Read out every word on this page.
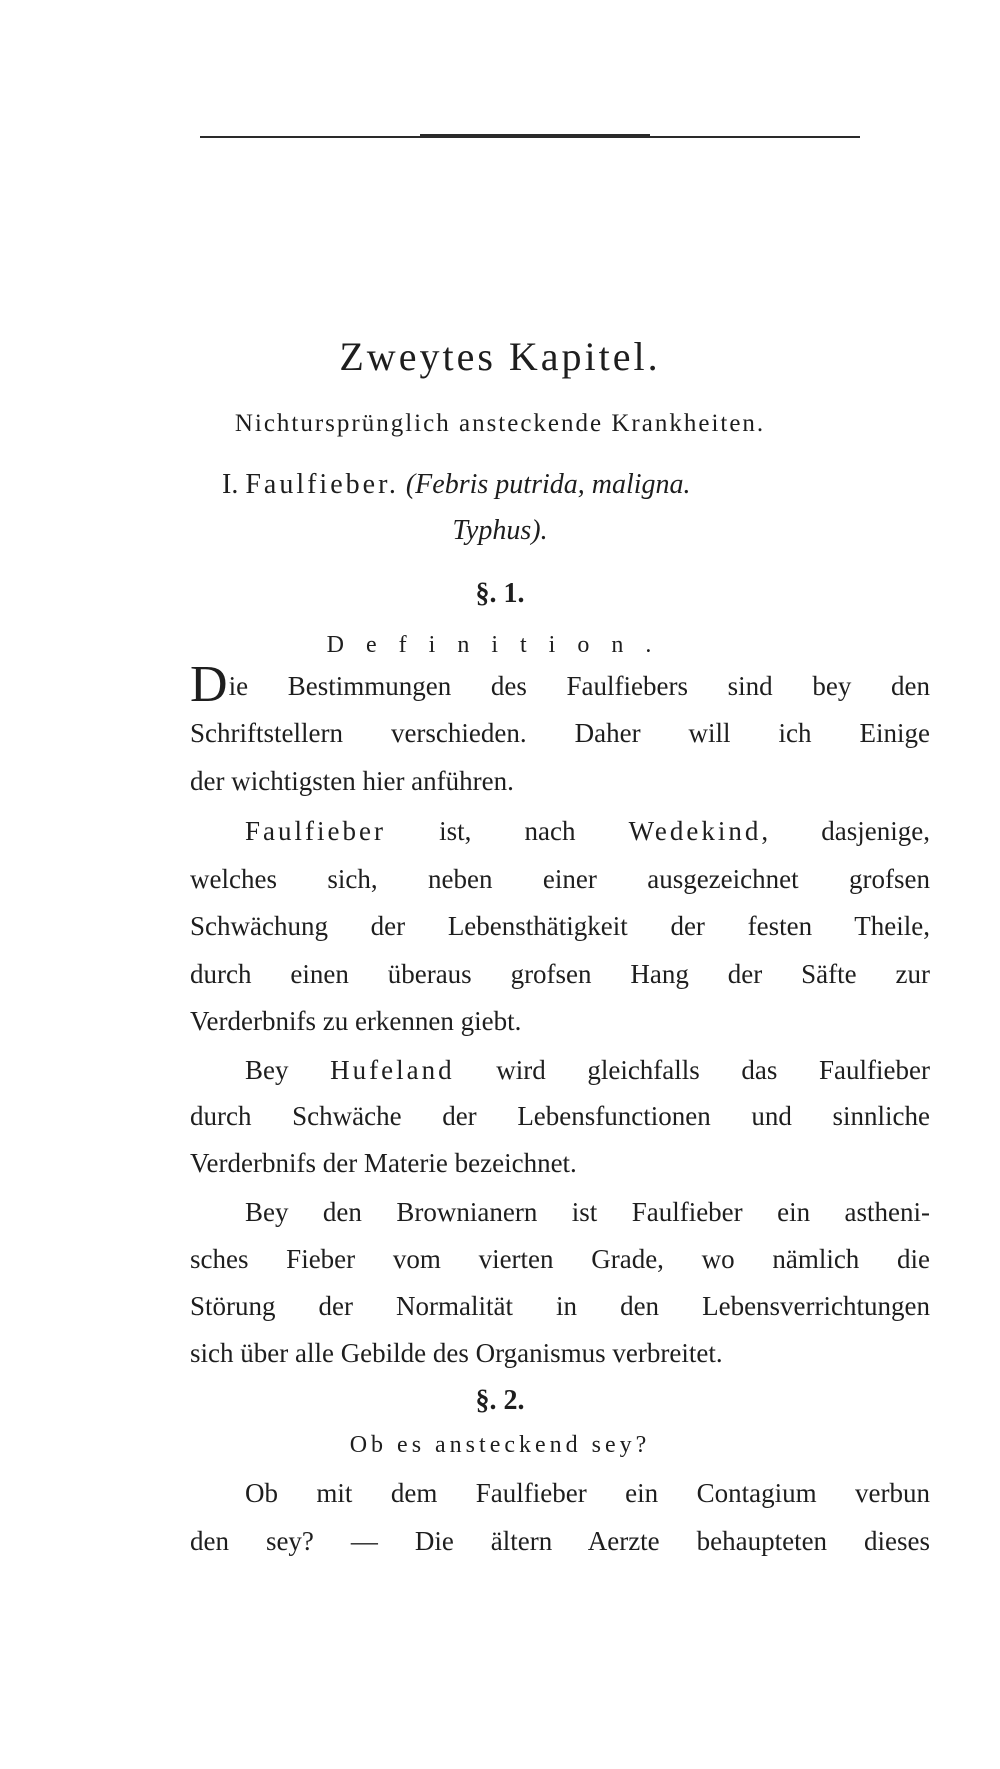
Zweytes Kapitel.
Nichtursprünglich ansteckende Krankheiten.
I. Faulfieber. (Febris putrida, maligna.
Typhus).
§. 1.
Definition.
Die Bestimmungen des Faulfiebers sind bey den
Schriftstellern verschieden. Daher will ich Einige
der wichtigsten hier anführen.
Faulfieber ist, nach Wedekind, dasjenige,
welches sich, neben einer ausgezeichnet grofsen
Schwächung der Lebensthätigkeit der festen Theile,
durch einen überaus grofsen Hang der Säfte zur
Verderbnifs zu erkennen giebt.
Bey Hufeland wird gleichfalls das Faulfieber
durch Schwäche der Lebensfunctionen und sinnliche
Verderbnifs der Materie bezeichnet.
Bey den Brownianern ist Faulfieber ein astheni-
sches Fieber vom vierten Grade, wo nämlich die
Störung der Normalität in den Lebensverrichtungen
sich über alle Gebilde des Organismus verbreitet.
§. 2.
Ob es ansteckend sey?
Ob mit dem Faulfieber ein Contagium verbun
den sey? — Die ältern Aerzte behaupteten dieses
